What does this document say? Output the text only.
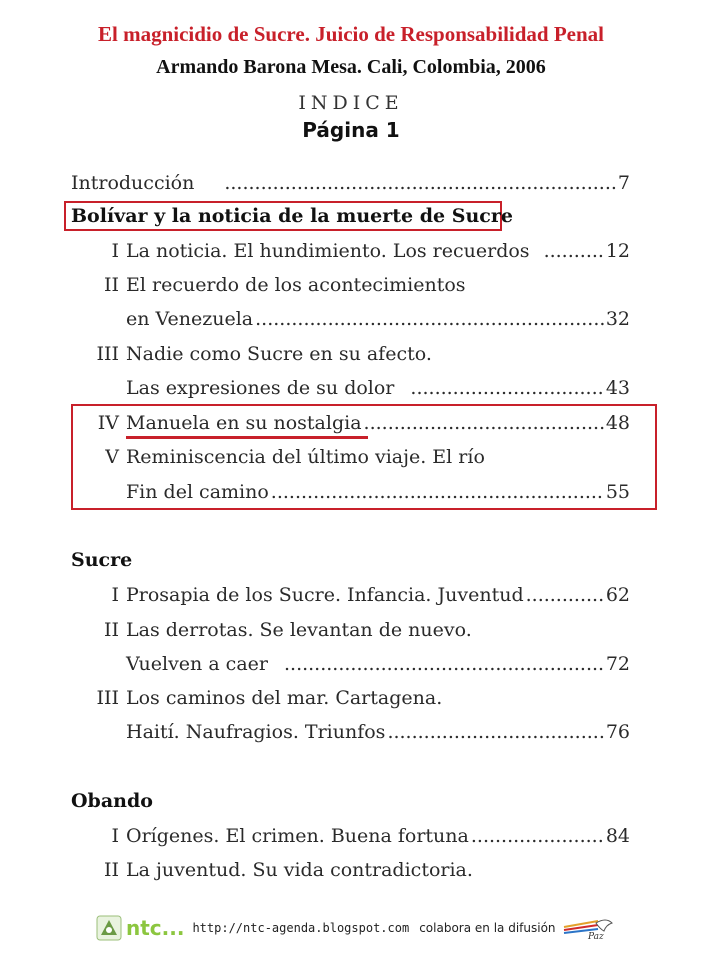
El magnicidio de Sucre. Juicio de Responsabilidad Penal
Armando Barona Mesa. Cali, Colombia, 2006
INDICE
Página 1
Introducción .....	7
Bolívar y la noticia de la muerte de Sucre
I La noticia. El hundimiento. Los recuerdos .....	12
II El recuerdo de los acontecimientos
en Venezuela .....	32
III Nadie como Sucre en su afecto.
Las expresiones de su dolor .....	43
IV Manuela en su nostalgia .....	48
V Reminiscencia del último viaje. El río
Fin del camino .....	55
Sucre
I Prosapia de los Sucre. Infancia. Juventud .....	62
II Las derrotas. Se levantan de nuevo.
Vuelven a caer .....	72
III Los caminos del mar. Cartagena.
Haití. Naufragios. Triunfos .....	76
Obando
I Orígenes. El crimen. Buena fortuna .....	84
II La juventud. Su vida contradictoria.
ntc... http://ntc-agenda.blogspot.com colabora en la difusión
Paz
